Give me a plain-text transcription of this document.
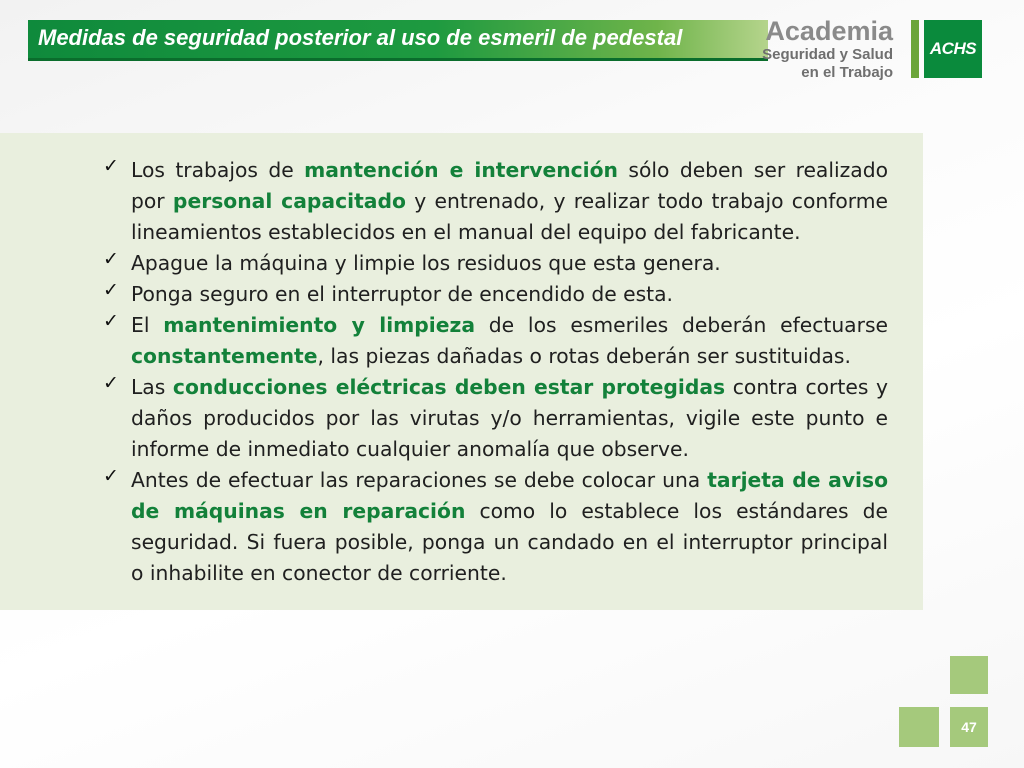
Medidas de seguridad posterior al uso de esmeril de pedestal	Academia
Seguridad y Salud
en el Trabajo
ACHS
✓ Los trabajos de mantención e intervención sólo deben ser realizado por personal capacitado y entrenado, y realizar todo trabajo conforme lineamientos establecidos en el manual del equipo del fabricante.
✓ Apague la máquina y limpie los residuos que esta genera.
✓ Ponga seguro en el interruptor de encendido de esta.
✓ El mantenimiento y limpieza de los esmeriles deberán efectuarse constantemente, las piezas dañadas o rotas deberán ser sustituidas.
✓ Las conducciones eléctricas deben estar protegidas contra cortes y daños producidos por las virutas y/o herramientas, vigile este punto e informe de inmediato cualquier anomalía que observe.
✓ Antes de efectuar las reparaciones se debe colocar una tarjeta de aviso de máquinas en reparación como lo establece los estándares de seguridad. Si fuera posible, ponga un candado en el interruptor principal o inhabilite en conector de corriente.
47
